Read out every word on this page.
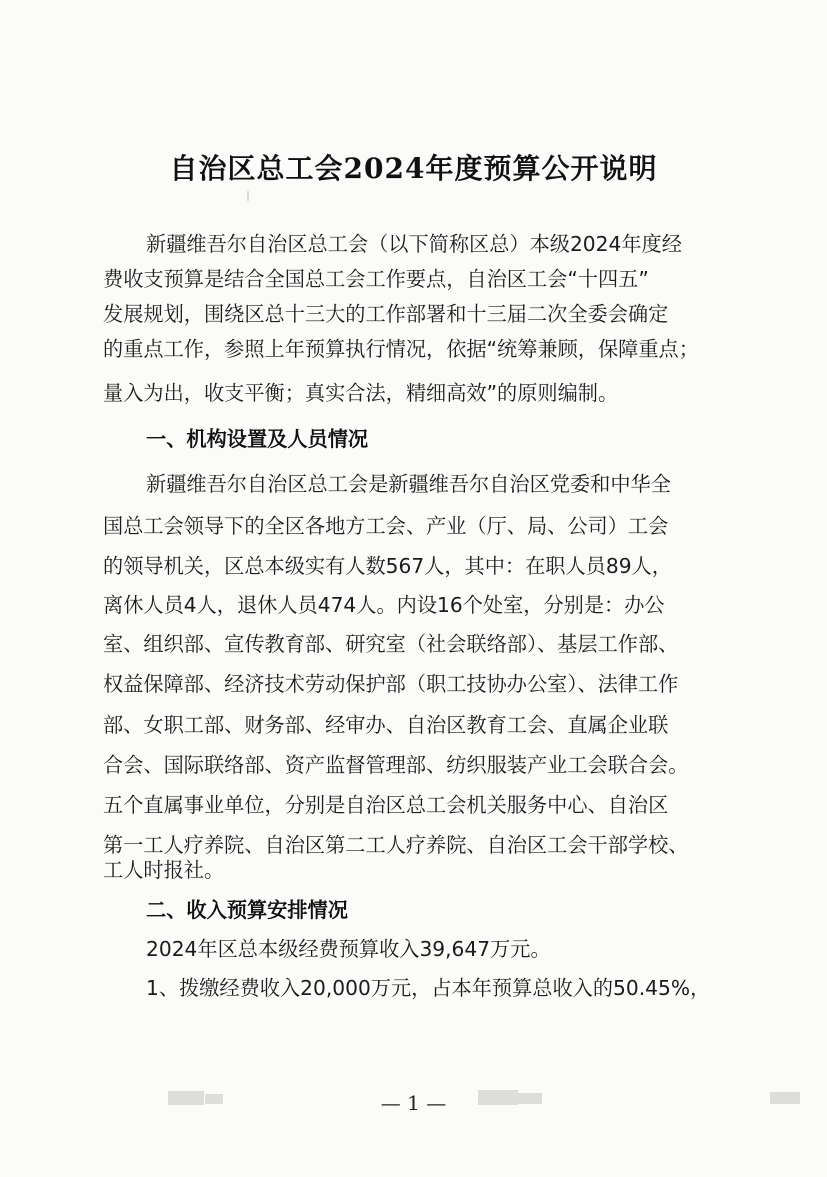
自治区总工会2024年度预算公开说明
新疆维吾尔自治区总工会（以下简称区总）本级2024年度经
费收支预算是结合全国总工会工作要点，自治区工会“十四五”
发展规划，围绕区总十三大的工作部署和十三届二次全委会确定
的重点工作，参照上年预算执行情况，依据“统筹兼顾，保障重点；
量入为出，收支平衡；真实合法，精细高效”的原则编制。
一、机构设置及人员情况
新疆维吾尔自治区总工会是新疆维吾尔自治区党委和中华全
国总工会领导下的全区各地方工会、产业（厅、局、公司）工会
的领导机关，区总本级实有人数567人，其中：在职人员89人，
离休人员4人，退休人员474人。内设16个处室，分别是：办公
室、组织部、宣传教育部、研究室（社会联络部）、基层工作部、
权益保障部、经济技术劳动保护部（职工技协办公室）、法律工作
部、女职工部、财务部、经审办、自治区教育工会、直属企业联
合会、国际联络部、资产监督管理部、纺织服装产业工会联合会。
五个直属事业单位，分别是自治区总工会机关服务中心、自治区
第一工人疗养院、自治区第二工人疗养院、自治区工会干部学校、
工人时报社。
二、收入预算安排情况
2024年区总本级经费预算收入39,647万元。
1、拨缴经费收入20,000万元，占本年预算总收入的50.45%，
— 1 —
